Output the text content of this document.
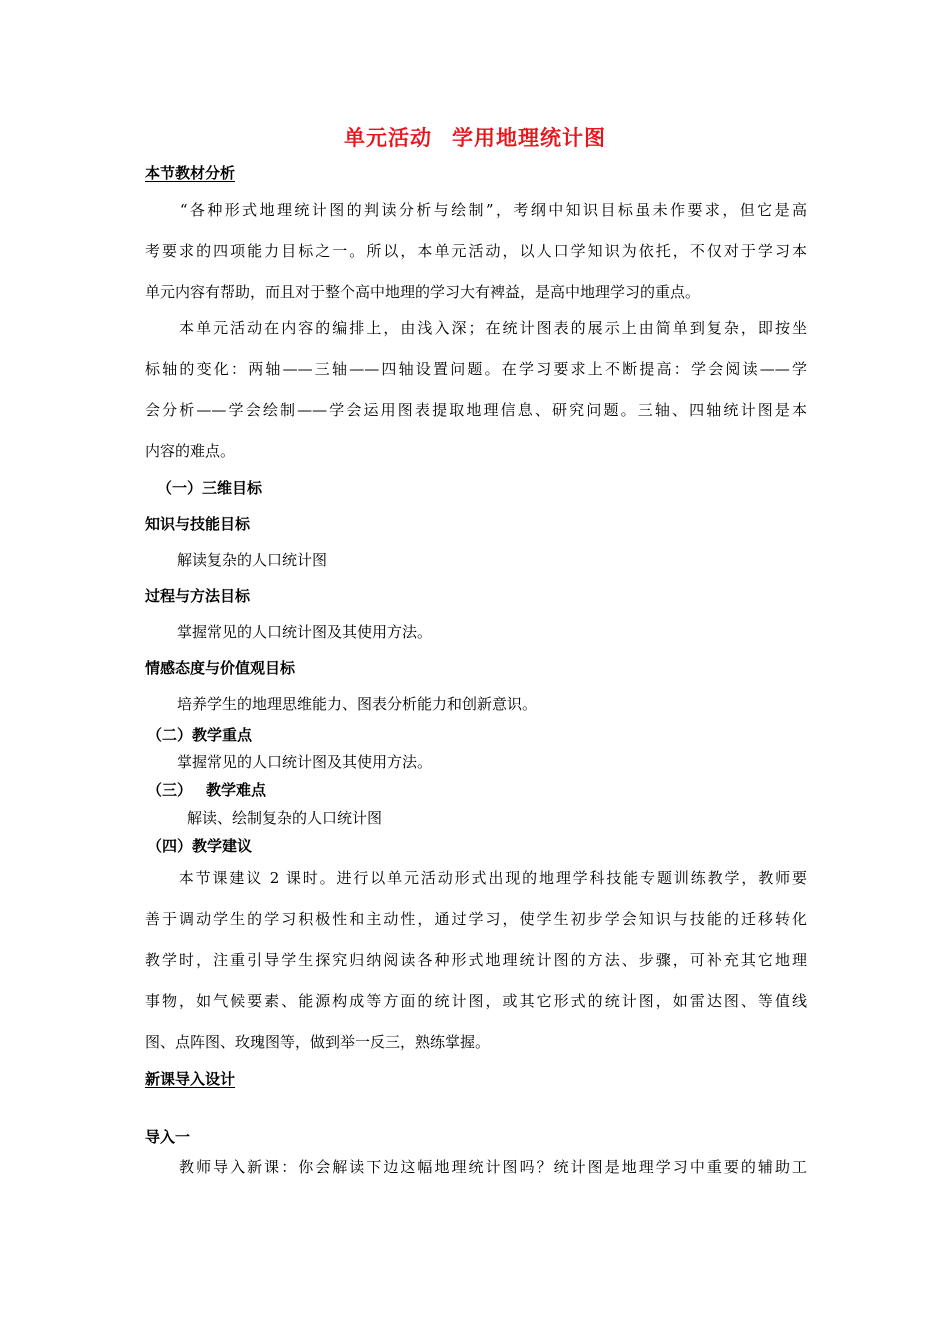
单元活动 学用地理统计图
本节教材分析
　　“各种形式地理统计图的判读分析与绘制”，考纲中知识目标虽未作要求，但它是高
考要求的四项能力目标之一。所以，本单元活动，以人口学知识为依托，不仅对于学习本
单元内容有帮助，而且对于整个高中地理的学习大有裨益，是高中地理学习的重点。
　　本单元活动在内容的编排上，由浅入深；在统计图表的展示上由简单到复杂，即按坐
标轴的变化：两轴——三轴——四轴设置问题。在学习要求上不断提高：学会阅读——学
会分析——学会绘制——学会运用图表提取地理信息、研究问题。三轴、四轴统计图是本
内容的难点。
（一）三维目标
知识与技能目标
解读复杂的人口统计图
过程与方法目标
掌握常见的人口统计图及其使用方法。
情感态度与价值观目标
培养学生的地理思维能力、图表分析能力和创新意识。
（二）教学重点
掌握常见的人口统计图及其使用方法。
（三） 教学难点
解读、绘制复杂的人口统计图
（四）教学建议
　　本节课建议 2 课时。进行以单元活动形式出现的地理学科技能专题训练教学，教师要
善于调动学生的学习积极性和主动性，通过学习，使学生初步学会知识与技能的迁移转化
教学时，注重引导学生探究归纳阅读各种形式地理统计图的方法、步骤，可补充其它地理
事物，如气候要素、能源构成等方面的统计图，或其它形式的统计图，如雷达图、等值线
图、点阵图、玫瑰图等，做到举一反三，熟练掌握。
新课导入设计
导入一
　　教师导入新课：你会解读下边这幅地理统计图吗？统计图是地理学习中重要的辅助工
